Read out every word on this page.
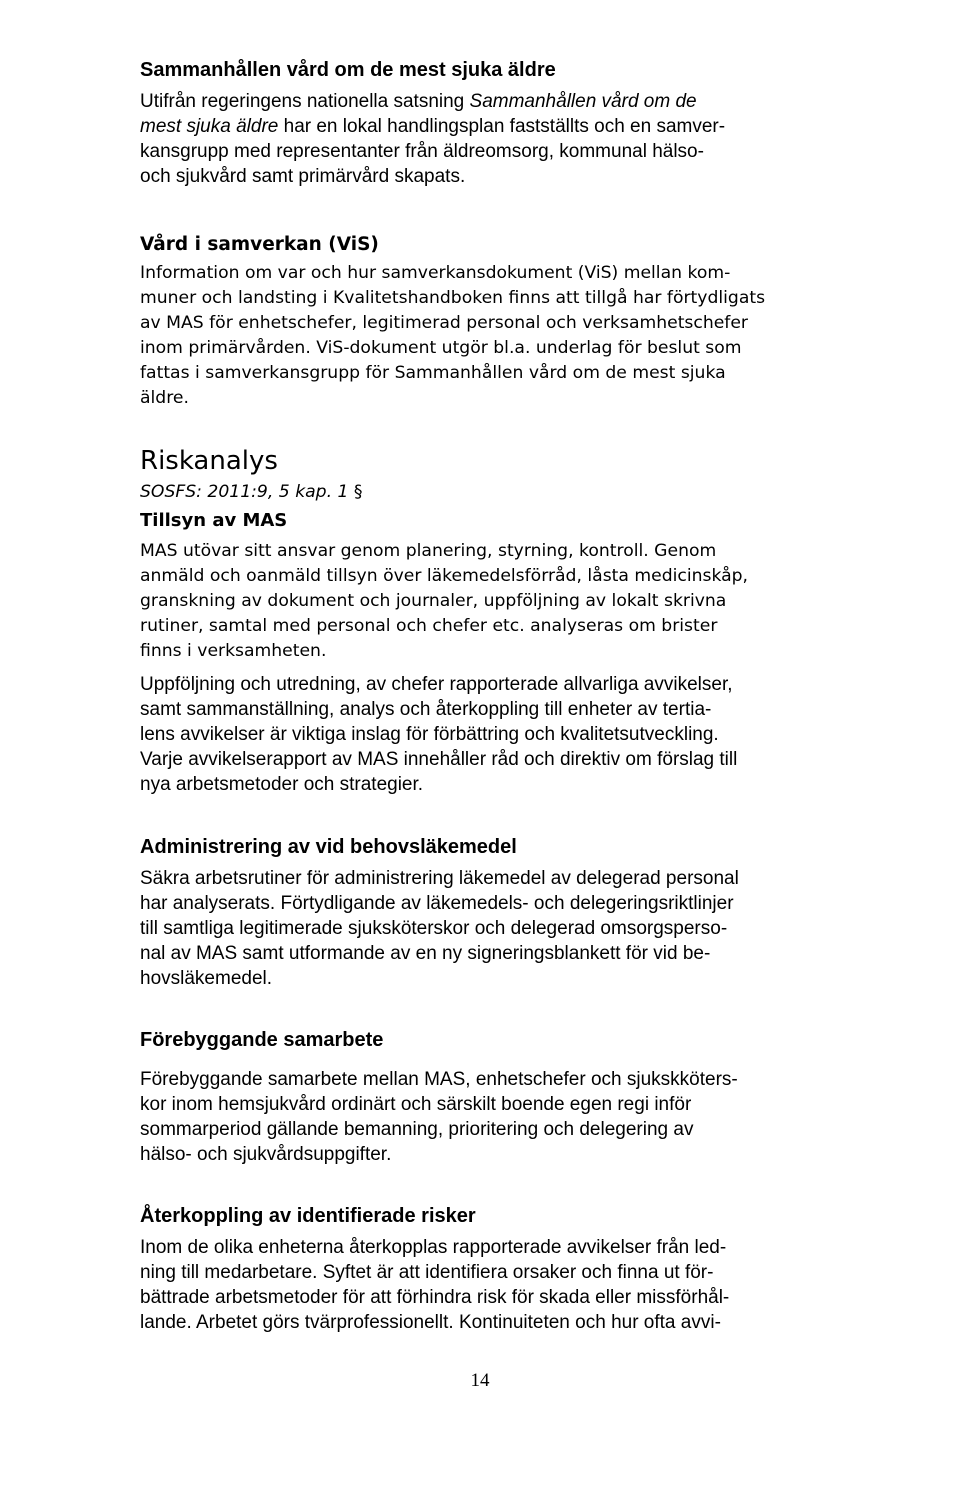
Sammanhållen vård om de mest sjuka äldre

Utifrån regeringens nationella satsning Sammanhållen vård om de
mest sjuka äldre har en lokal handlingsplan fastställts och en samver-
kansgrupp med representanter från äldreomsorg, kommunal hälso-
och sjukvård samt primärvård skapats.

Vård i samverkan (ViS)

Information om var och hur samverkansdokument (ViS) mellan kom-
muner och landsting i Kvalitetshandboken finns att tillgå har förtydligats
av MAS för enhetschefer, legitimerad personal och verksamhetschefer
inom primärvården. ViS-dokument utgör bl.a. underlag för beslut som
fattas i samverkansgrupp för Sammanhållen vård om de mest sjuka
äldre.

Riskanalys

SOSFS: 2011:9, 5 kap. 1 §

Tillsyn av MAS

MAS utövar sitt ansvar genom planering, styrning, kontroll. Genom
anmäld och oanmäld tillsyn över läkemedelsförråd, låsta medicinskåp,
granskning av dokument och journaler, uppföljning av lokalt skrivna
rutiner, samtal med personal och chefer etc. analyseras om brister
finns i verksamheten.

Uppföljning och utredning, av chefer rapporterade allvarliga avvikelser,
samt sammanställning, analys och återkoppling till enheter av tertia-
lens avvikelser är viktiga inslag för förbättring och kvalitetsutveckling.
Varje avvikelserapport av MAS innehåller råd och direktiv om förslag till
nya arbetsmetoder och strategier.

Administrering av vid behovsläkemedel

Säkra arbetsrutiner för administrering läkemedel av delegerad personal
har analyserats. Förtydligande av läkemedels- och delegeringsriktlinjer
till samtliga legitimerade sjuksköterskor och delegerad omsorgsperso-
nal av MAS samt utformande av en ny signeringsblankett för vid be-
hovsläkemedel.

Förebyggande samarbete

Förebyggande samarbete mellan MAS, enhetschefer och sjukskköters-
kor inom hemsjukvård ordinärt och särskilt boende egen regi inför
sommarperiod gällande bemanning, prioritering och delegering av
hälso- och sjukvårdsuppgifter.

Återkoppling av identifierade risker

Inom de olika enheterna återkopplas rapporterade avvikelser från led-
ning till medarbetare. Syftet är att identifiera orsaker och finna ut för-
bättrade arbetsmetoder för att förhindra risk för skada eller missförhål-
lande. Arbetet görs tvärprofessionellt. Kontinuiteten och hur ofta avvi-

14
